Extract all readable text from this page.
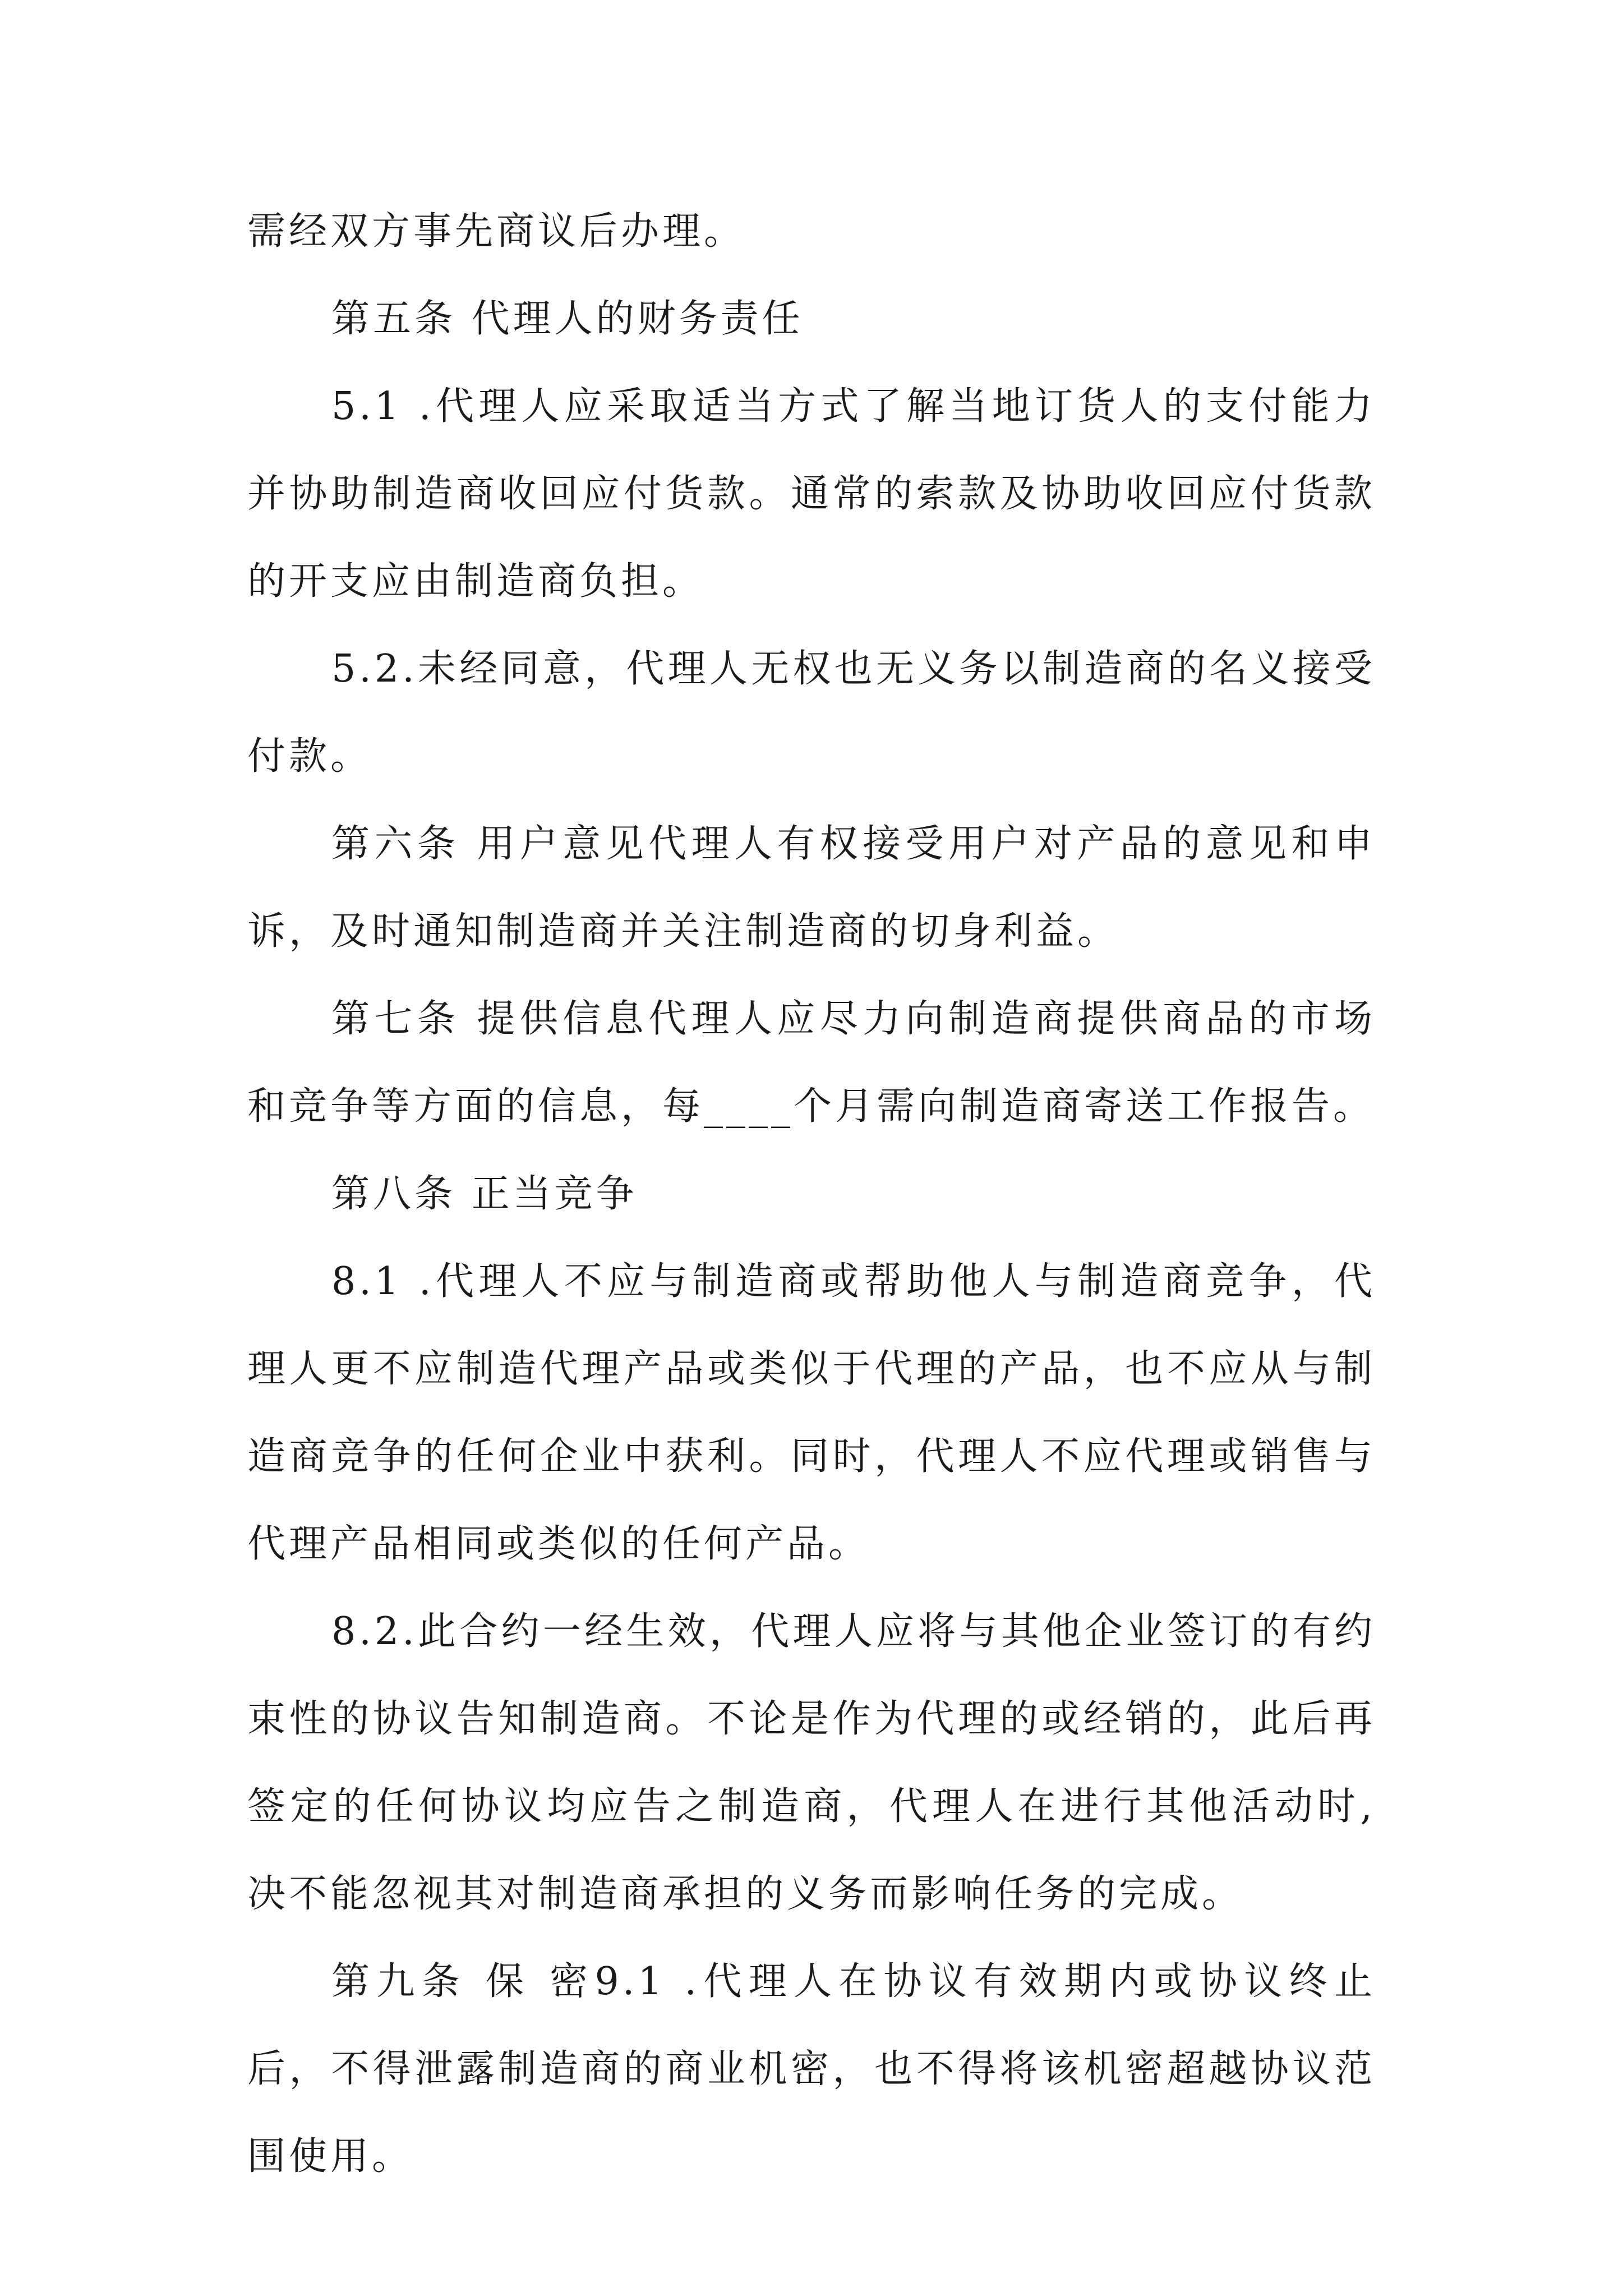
需经双方事先商议后办理。

第五条 代理人的财务责任

5.1 .代理人应采取适当方式了解当地订货人的支付能力并协助制造商收回应付货款。通常的索款及协助收回应付货款的开支应由制造商负担。

5.2.未经同意，代理人无权也无义务以制造商的名义接受付款。

第六条 用户意见代理人有权接受用户对产品的意见和申诉，及时通知制造商并关注制造商的切身利益。

第七条 提供信息代理人应尽力向制造商提供商品的市场和竞争等方面的信息，每____个月需向制造商寄送工作报告。

第八条 正当竞争

8.1 .代理人不应与制造商或帮助他人与制造商竞争，代理人更不应制造代理产品或类似于代理的产品，也不应从与制造商竞争的任何企业中获利。同时，代理人不应代理或销售与代理产品相同或类似的任何产品。

8.2.此合约一经生效，代理人应将与其他企业签订的有约束性的协议告知制造商。不论是作为代理的或经销的，此后再签定的任何协议均应告之制造商，代理人在进行其他活动时,决不能忽视其对制造商承担的义务而影响任务的完成。

第九条 保 密9.1 .代理人在协议有效期内或协议终止后，不得泄露制造商的商业机密，也不得将该机密超越协议范围使用。
